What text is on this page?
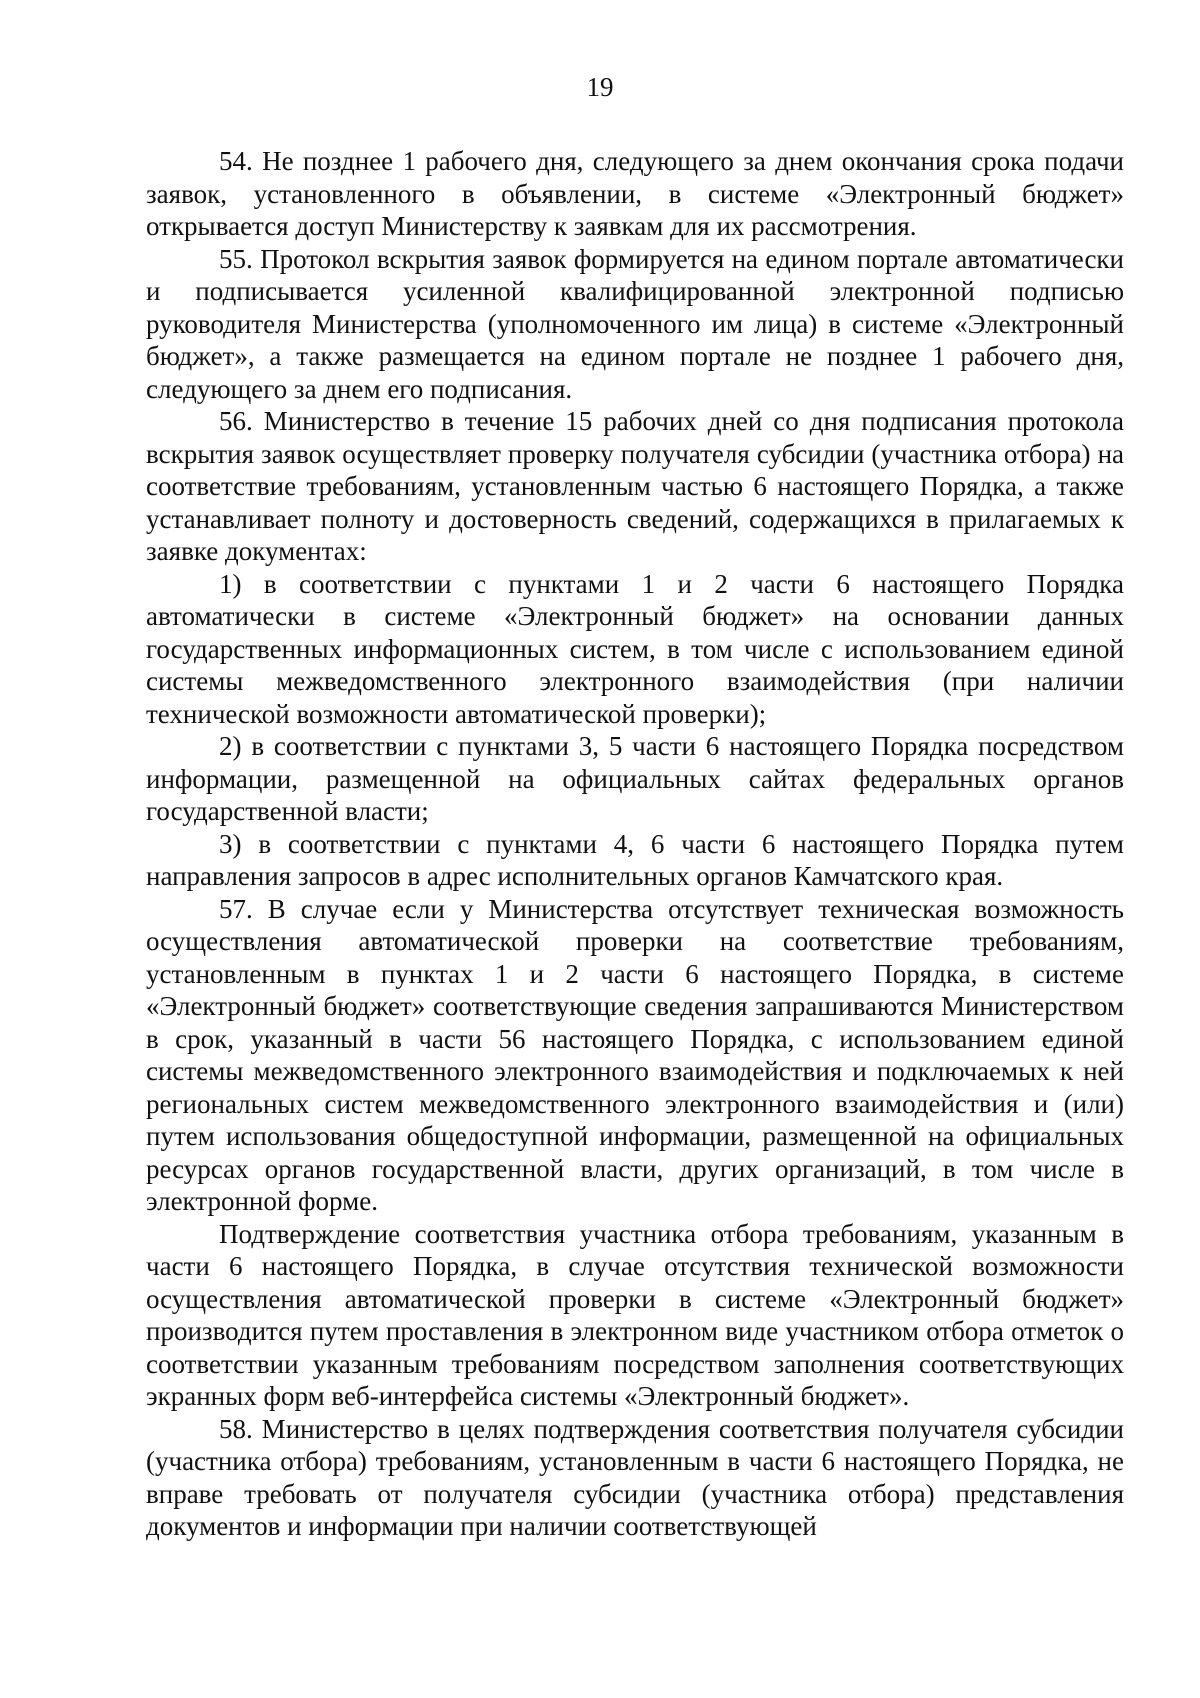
19

54. Не позднее 1 рабочего дня, следующего за днем окончания срока подачи заявок, установленного в объявлении, в системе «Электронный бюджет» открывается доступ Министерству к заявкам для их рассмотрения.

55. Протокол вскрытия заявок формируется на едином портале автоматически и подписывается усиленной квалифицированной электронной подписью руководителя Министерства (уполномоченного им лица) в системе «Электронный бюджет», а также размещается на едином портале не позднее 1 рабочего дня, следующего за днем его подписания.

56. Министерство в течение 15 рабочих дней со дня подписания протокола вскрытия заявок осуществляет проверку получателя субсидии (участника отбора) на соответствие требованиям, установленным частью 6 настоящего Порядка, а также устанавливает полноту и достоверность сведений, содержащихся в прилагаемых к заявке документах:

1) в соответствии с пунктами 1 и 2 части 6 настоящего Порядка автоматически в системе «Электронный бюджет» на основании данных государственных информационных систем, в том числе с использованием единой системы межведомственного электронного взаимодействия (при наличии технической возможности автоматической проверки);

2) в соответствии с пунктами 3, 5 части 6 настоящего Порядка посредством информации, размещенной на официальных сайтах федеральных органов государственной власти;

3) в соответствии с пунктами 4, 6 части 6 настоящего Порядка путем направления запросов в адрес исполнительных органов Камчатского края.

57. В случае если у Министерства отсутствует техническая возможность осуществления автоматической проверки на соответствие требованиям, установленным в пунктах 1 и 2 части 6 настоящего Порядка, в системе «Электронный бюджет» соответствующие сведения запрашиваются Министерством в срок, указанный в части 56 настоящего Порядка, с использованием единой системы межведомственного электронного взаимодействия и подключаемых к ней региональных систем межведомственного электронного взаимодействия и (или) путем использования общедоступной информации, размещенной на официальных ресурсах органов государственной власти, других организаций, в том числе в электронной форме.

Подтверждение соответствия участника отбора требованиям, указанным в части 6 настоящего Порядка, в случае отсутствия технической возможности осуществления автоматической проверки в системе «Электронный бюджет» производится путем проставления в электронном виде участником отбора отметок о соответствии указанным требованиям посредством заполнения соответствующих экранных форм веб-интерфейса системы «Электронный бюджет».

58. Министерство в целях подтверждения соответствия получателя субсидии (участника отбора) требованиям, установленным в части 6 настоящего Порядка, не вправе требовать от получателя субсидии (участника отбора) представления документов и информации при наличии соответствующей
